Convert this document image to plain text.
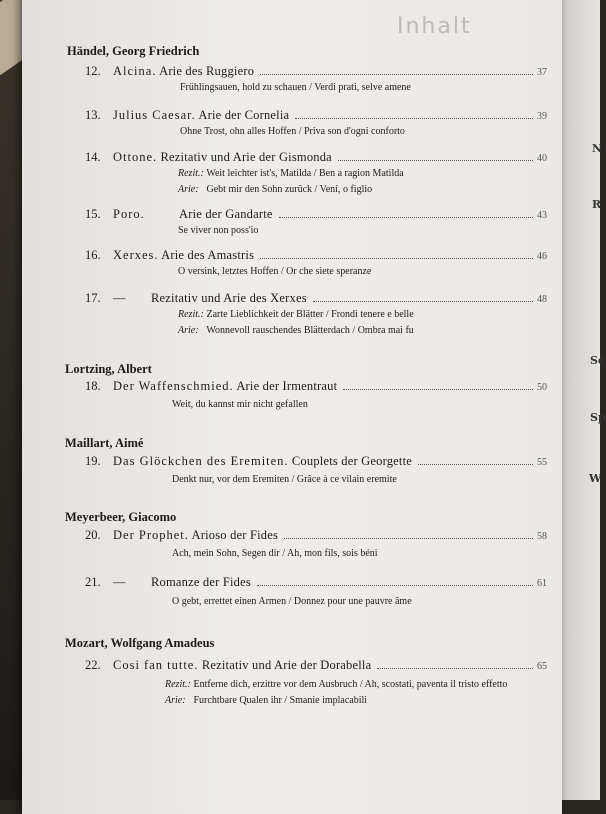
N
R
Sc
Sp
W
Inhalt
Händel, Georg Friedrich
12. Alcina. Arie des Ruggiero	37
Frühlingsauen, hold zu schauen / Verdi prati, selve amene
13. Julius Caesar. Arie der Cornelia	39
Ohne Trost, ohn alles Hoffen / Priva son d'ogni conforto
14. Ottone. Rezitativ und Arie der Gismonda	40
Rezit.: Weit leichter ist's, Matilda / Ben a ragion Matilda
Arie: Gebt mir den Sohn zurück / Veni, o figlio
15. Poro.	Arie der Gandarte	43
Se viver non poss'io
16. Xerxes. Arie des Amastris	46
O versink, letztes Hoffen / Or che siete speranze
17. —	Rezitativ und Arie des Xerxes	48
Rezit.: Zarte Lieblichkeit der Blätter / Frondi tenere e belle
Arie: Wonnevoll rauschendes Blätterdach / Ombra mai fu
Lortzing, Albert
18. Der Waffenschmied. Arie der Irmentraut	50
Weit, du kannst mir nicht gefallen
Maillart, Aimé
19. Das Glöckchen des Eremiten. Couplets der Georgette	55
Denkt nur, vor dem Eremiten / Grâce à ce vilain eremite
Meyerbeer, Giacomo
20. Der Prophet. Arioso der Fides	58
Ach, mein Sohn, Segen dir / Ah, mon fils, sois béni
21. —	Romanze der Fides	61
O gebt, errettet einen Armen / Donnez pour une pauvre âme
Mozart, Wolfgang Amadeus
22. Cosi fan tutte. Rezitativ und Arie der Dorabella	65
Rezit.: Entferne dich, erzittre vor dem Ausbruch / Ah, scostati, paventa il tristo effetto
Arie: Furchtbare Qualen ihr / Smanie implacabili
